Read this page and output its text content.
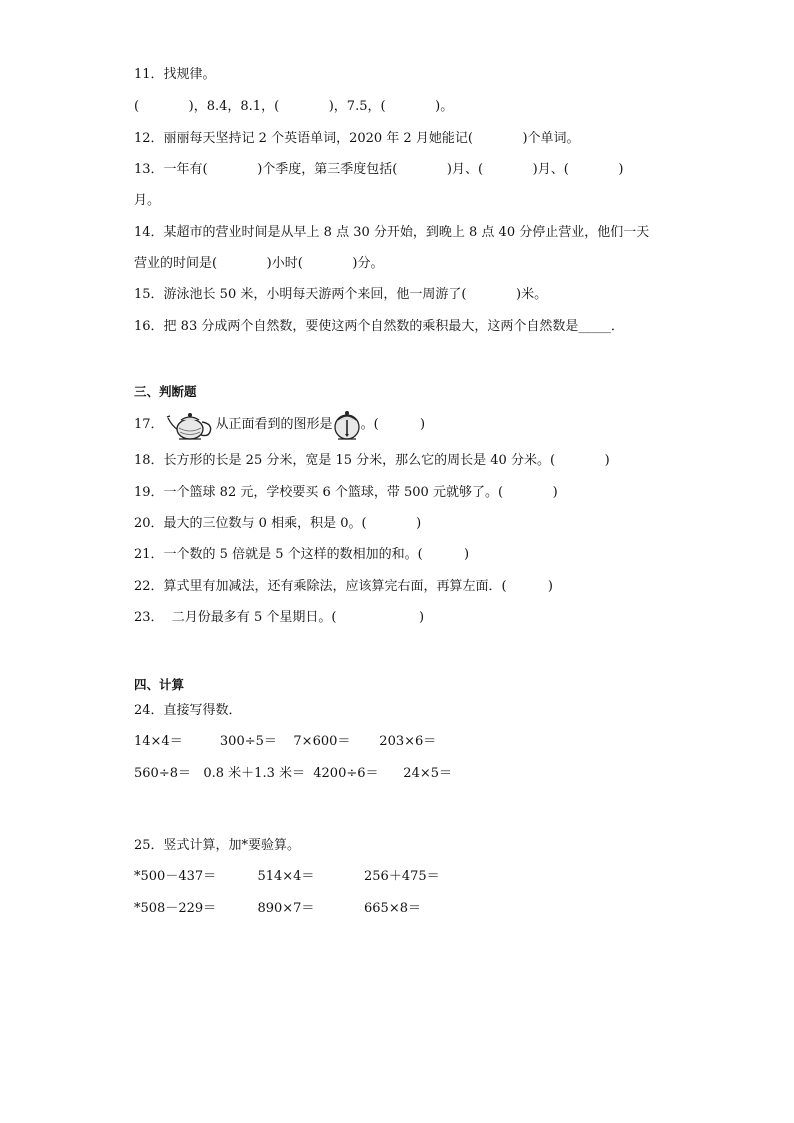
11．找规律。

(            )，8.4，8.1，(            )，7.5，(            )。

12．丽丽每天坚持记 2 个英语单词，2020 年 2 月她能记(            )个单词。

13．一年有(            )个季度，第三季度包括(            )月、(            )月、(            )

月。

14．某超市的营业时间是从早上 8 点 30 分开始，到晚上 8 点 40 分停止营业，他们一天

营业的时间是(            )小时(            )分。

15．游泳池长 50 米，小明每天游两个来回，他一周游了(            )米。

16．把 83 分成两个自然数，要使这两个自然数的乘积最大，这两个自然数是_____．

三、判断题

17．

	从正面看到的图形是

。(          )

18．长方形的长是 25 分米，宽是 15 分米，那么它的周长是 40 分米。(            )

19．一个篮球 82 元，学校要买 6 个篮球，带 500 元就够了。(            )

20．最大的三位数与 0 相乘，积是 0。(            )

21．一个数的 5 倍就是 5 个这样的数相加的和。(          )

22．算式里有加减法，还有乘除法，应该算完右面，再算左面．(          )

23．  二月份最多有 5 个星期日。(                    )

四、计算

24．直接写得数．

14×4＝         300÷5＝    7×600＝       203×6＝

560÷8＝   0.8 米＋1.3 米＝  4200÷6＝      24×5＝

25．竖式计算，加*要验算。

*500－437＝          514×4＝            256＋475＝

*508－229＝          890×7＝            665×8＝
